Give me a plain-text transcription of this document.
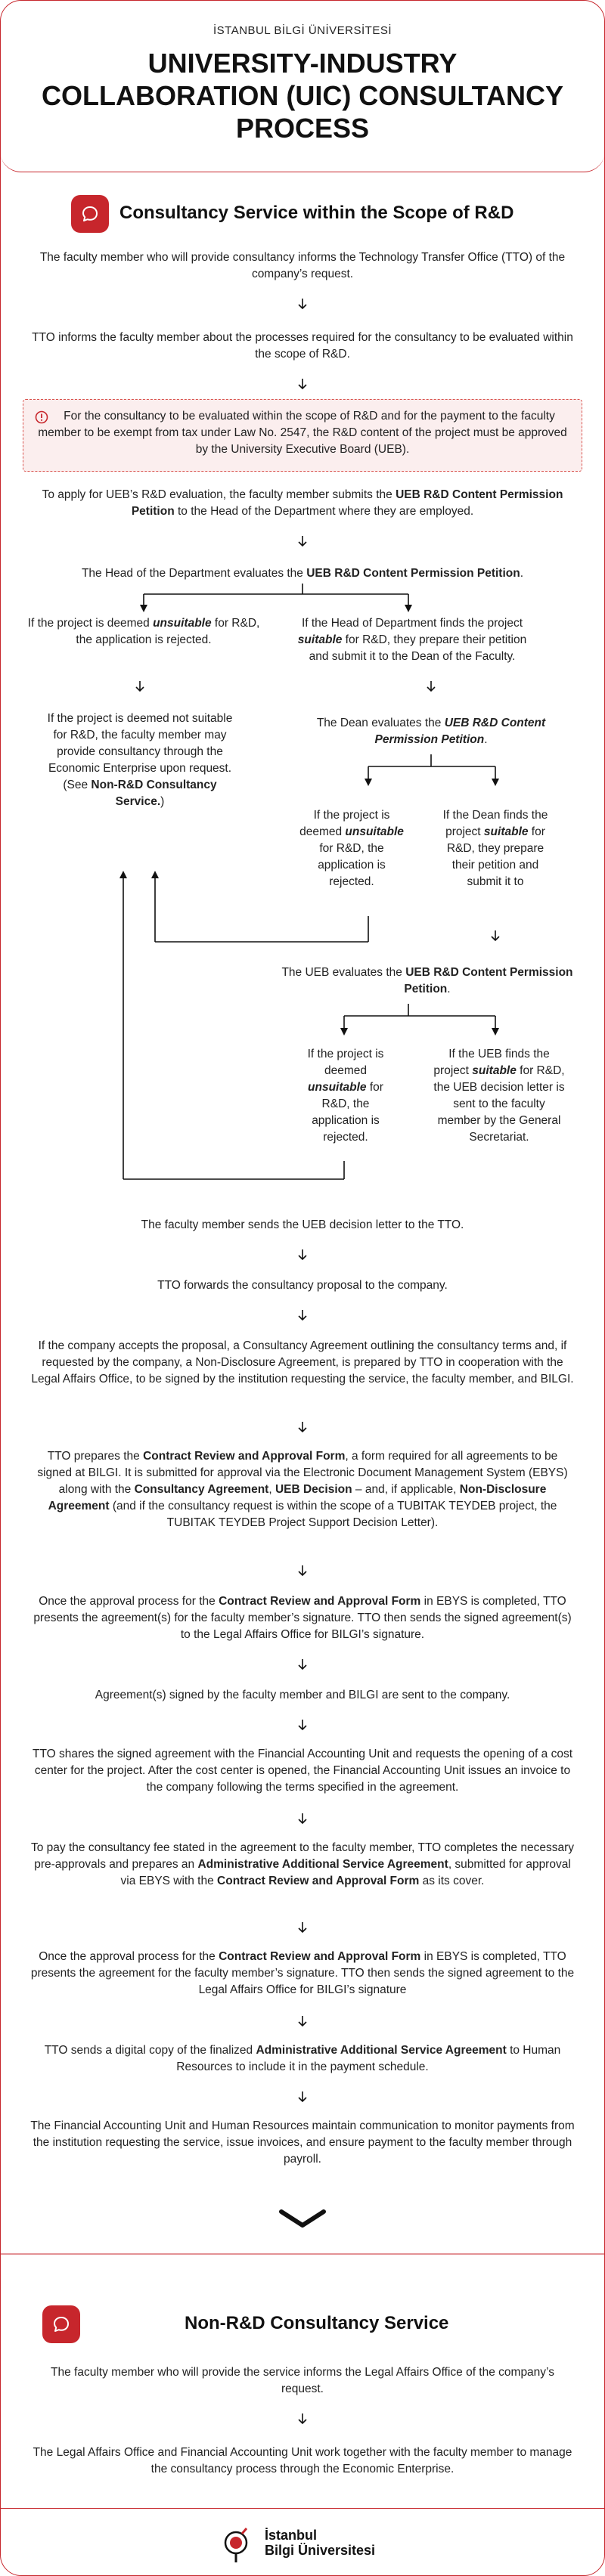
İSTANBUL BİLGİ ÜNİVERSİTESİ
UNIVERSITY-INDUSTRY COLLABORATION (UIC) CONSULTANCY PROCESS
Consultancy Service within the Scope of R&D
The faculty member who will provide consultancy informs the Technology Transfer Office (TTO) of the company’s request.
TTO informs the faculty member about the processes required for the consultancy to be evaluated within the scope of R&D.
For the consultancy to be evaluated within the scope of R&D and for the payment to the faculty member to be exempt from tax under Law No. 2547, the R&D content of the project must be approved by the University Executive Board (UEB).
To apply for UEB’s R&D evaluation, the faculty member submits the UEB R&D Content Permission Petition to the Head of the Department where they are employed.
The Head of the Department evaluates the UEB R&D Content Permission Petition.
If the project is deemed unsuitable for R&D, the application is rejected.
If the Head of Department finds the project suitable for R&D, they prepare their petition and submit it to the Dean of the Faculty.
If the project is deemed not suitable for R&D, the faculty member may provide consultancy through the Economic Enterprise upon request. (See Non-R&D Consultancy Service.)
The Dean evaluates the UEB R&D Content Permission Petition.
If the project is deemed unsuitable for R&D, the application is rejected.
If the Dean finds the project suitable for R&D, they prepare their petition and submit it to
The UEB evaluates the UEB R&D Content Permission Petition.
If the project is deemed unsuitable for R&D, the application is rejected.
If the UEB finds the project suitable for R&D, the UEB decision letter is sent to the faculty member by the General Secretariat.
The faculty member sends the UEB decision letter to the TTO.
TTO forwards the consultancy proposal to the company.
If the company accepts the proposal, a Consultancy Agreement outlining the consultancy terms and, if requested by the company, a Non-Disclosure Agreement, is prepared by TTO in cooperation with the Legal Affairs Office, to be signed by the institution requesting the service, the faculty member, and BILGI.
TTO prepares the Contract Review and Approval Form, a form required for all agreements to be signed at BILGI. It is submitted for approval via the Electronic Document Management System (EBYS) along with the Consultancy Agreement, UEB Decision – and, if applicable, Non-Disclosure Agreement (and if the consultancy request is within the scope of a TUBITAK TEYDEB project, the TUBITAK TEYDEB Project Support Decision Letter).
Once the approval process for the Contract Review and Approval Form in EBYS is completed, TTO presents the agreement(s) for the faculty member’s signature. TTO then sends the signed agreement(s) to the Legal Affairs Office for BILGI’s signature.
Agreement(s) signed by the faculty member and BILGI are sent to the company.
TTO shares the signed agreement with the Financial Accounting Unit and requests the opening of a cost center for the project. After the cost center is opened, the Financial Accounting Unit issues an invoice to the company following the terms specified in the agreement.
To pay the consultancy fee stated in the agreement to the faculty member, TTO completes the necessary pre-approvals and prepares an Administrative Additional Service Agreement, submitted for approval via EBYS with the Contract Review and Approval Form as its cover.
Once the approval process for the Contract Review and Approval Form in EBYS is completed, TTO presents the agreement for the faculty member’s signature. TTO then sends the signed agreement to the Legal Affairs Office for BILGI’s signature
TTO sends a digital copy of the finalized Administrative Additional Service Agreement to Human Resources to include it in the payment schedule.
The Financial Accounting Unit and Human Resources maintain communication to monitor payments from the institution requesting the service, issue invoices, and ensure payment to the faculty member through payroll.
Non-R&D Consultancy Service
The faculty member who will provide the service informs the Legal Affairs Office of the company’s request.
The Legal Affairs Office and Financial Accounting Unit work together with the faculty member to manage the consultancy process through the Economic Enterprise.
İstanbul
Bilgi Üniversitesi
